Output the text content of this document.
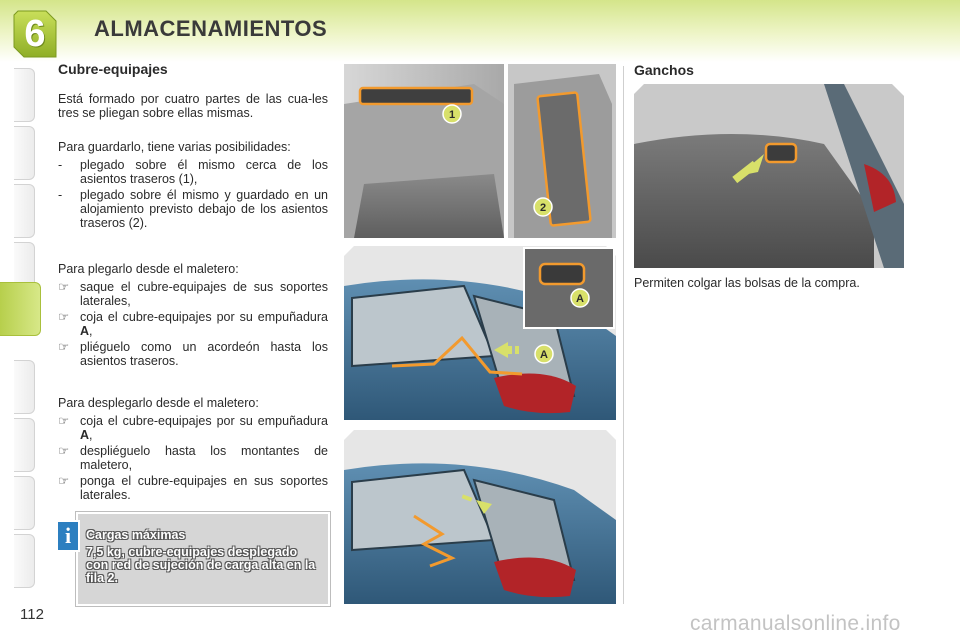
6	ALMACENAMIENTOS
Cubre-equipajes

Está formado por cuatro partes de las cua-les tres se pliegan sobre ellas mismas.

Para guardarlo, tiene varias posibilidades:

- plegado sobre él mismo cerca de los asientos traseros (1),
- plegado sobre él mismo y guardado en un alojamiento previsto debajo de los asientos traseros (2).

Para plegarlo desde el maletero:

☞ saque el cubre-equipajes de sus soportes laterales,
☞ coja el cubre-equipajes por su empuñadura A,
☞ pliéguelo como un acordeón hasta los asientos traseros.

Para desplegarlo desde el maletero:

☞ coja el cubre-equipajes por su empuñadura A,
☞ despliéguelo hasta los montantes de maletero,
☞ ponga el cubre-equipajes en sus soportes laterales.
i	Cargas máximas
7,5 kg, cubre-equipajes desplegado con red de sujeción de carga alta en la fila 2.
1
2
A
A
Ganchos
Permiten colgar las bolsas de la compra.
112	carmanualsonline.info
